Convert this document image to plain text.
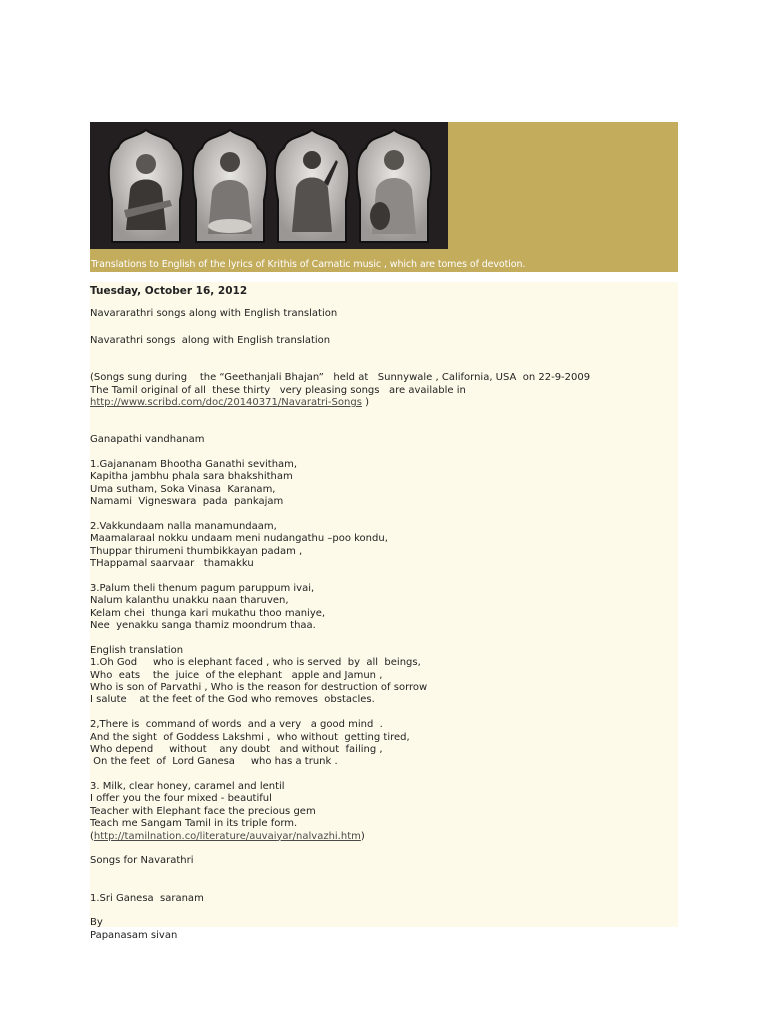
Translations to English of the lyrics of Krithis of Carnatic music , which are tomes of devotion.
Tuesday, October 16, 2012
Navararathri songs along with English translation
Navarathri songs  along with English translation
(Songs sung during    the “Geethanjali Bhajan”   held at   Sunnywale , California, USA  on 22-9-2009
The Tamil original of all  these thirty   very pleasing songs   are available in
http://www.scribd.com/doc/20140371/Navaratri-Songs )
Ganapathi vandhanam
1.Gajananam Bhootha Ganathi sevitham,
Kapitha jambhu phala sara bhakshitham
Uma sutham, Soka Vinasa  Karanam,
Namami  Vigneswara  pada  pankajam
2.Vakkundaam nalla manamundaam,
Maamalaraal nokku undaam meni nudangathu –poo kondu,
Thuppar thirumeni thumbikkayan padam ,
THappamal saarvaar   thamakku
3.Palum theli thenum pagum paruppum ivai,
Nalum kalanthu unakku naan tharuven,
Kelam chei  thunga kari mukathu thoo maniye,
Nee  yenakku sanga thamiz moondrum thaa.
English translation
1.Oh God     who is elephant faced , who is served  by  all  beings,
Who  eats    the  juice  of the elephant   apple and Jamun ,
Who is son of Parvathi , Who is the reason for destruction of sorrow
I salute    at the feet of the God who removes  obstacles.
2,There is  command of words  and a very   a good mind  .
And the sight  of Goddess Lakshmi ,  who without  getting tired,
Who depend     without    any doubt   and without  failing ,
On the feet  of  Lord Ganesa     who has a trunk .
3. Milk, clear honey, caramel and lentil
I offer you the four mixed - beautiful
Teacher with Elephant face the precious gem
Teach me Sangam Tamil in its triple form.
(http://tamilnation.co/literature/auvaiyar/nalvazhi.htm)
Songs for Navarathri
1.Sri Ganesa  saranam
By
Papanasam sivan
